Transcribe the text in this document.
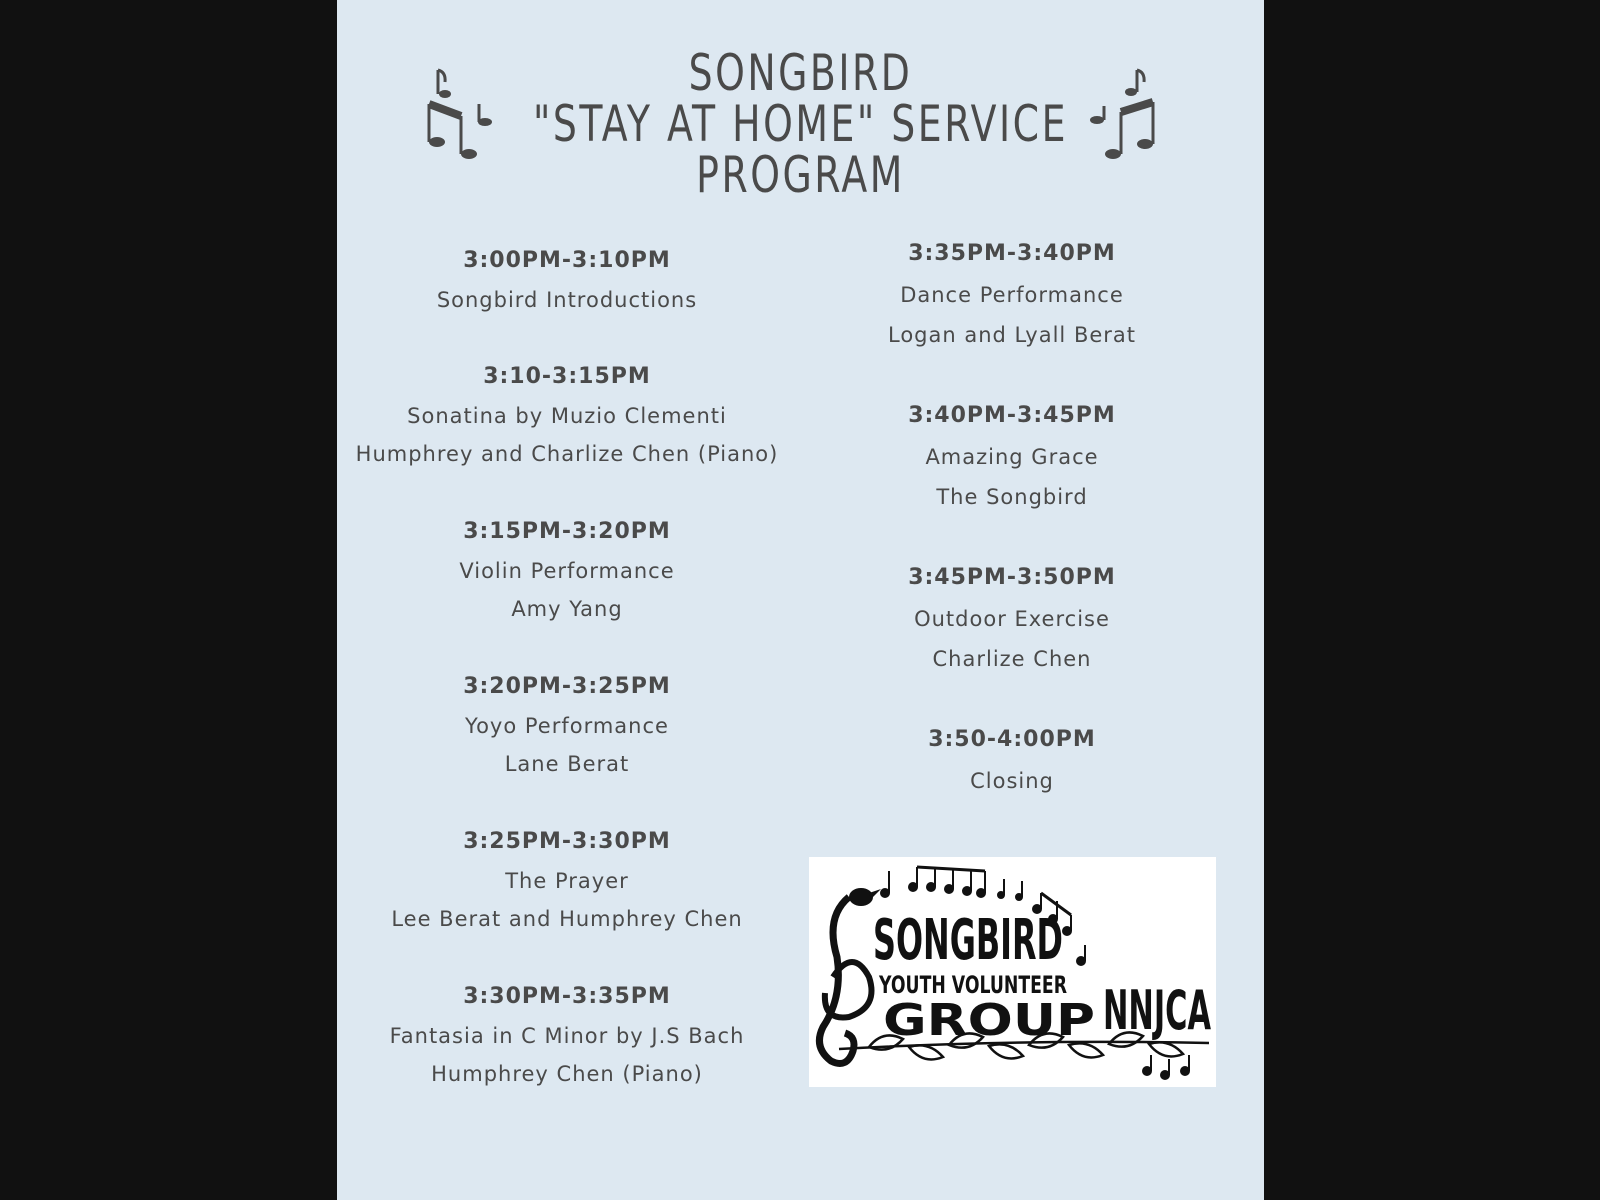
SONGBIRD
"STAY AT HOME" SERVICE
PROGRAM
3:00PM-3:10PM
Songbird Introductions
3:10-3:15PM
Sonatina by Muzio Clementi
Humphrey and Charlize Chen (Piano)
3:15PM-3:20PM
Violin Performance
Amy Yang
3:20PM-3:25PM
Yoyo Performance
Lane Berat
3:25PM-3:30PM
The Prayer
Lee Berat and Humphrey Chen
3:30PM-3:35PM
Fantasia in C Minor by J.S Bach
Humphrey Chen (Piano)
3:35PM-3:40PM
Dance Performance
Logan and Lyall Berat
3:40PM-3:45PM
Amazing Grace
The Songbird
3:45PM-3:50PM
Outdoor Exercise
Charlize Chen
3:50-4:00PM
Closing
SONGBIRD
YOUTH VOLUNTEER
GROUP NNJCA
